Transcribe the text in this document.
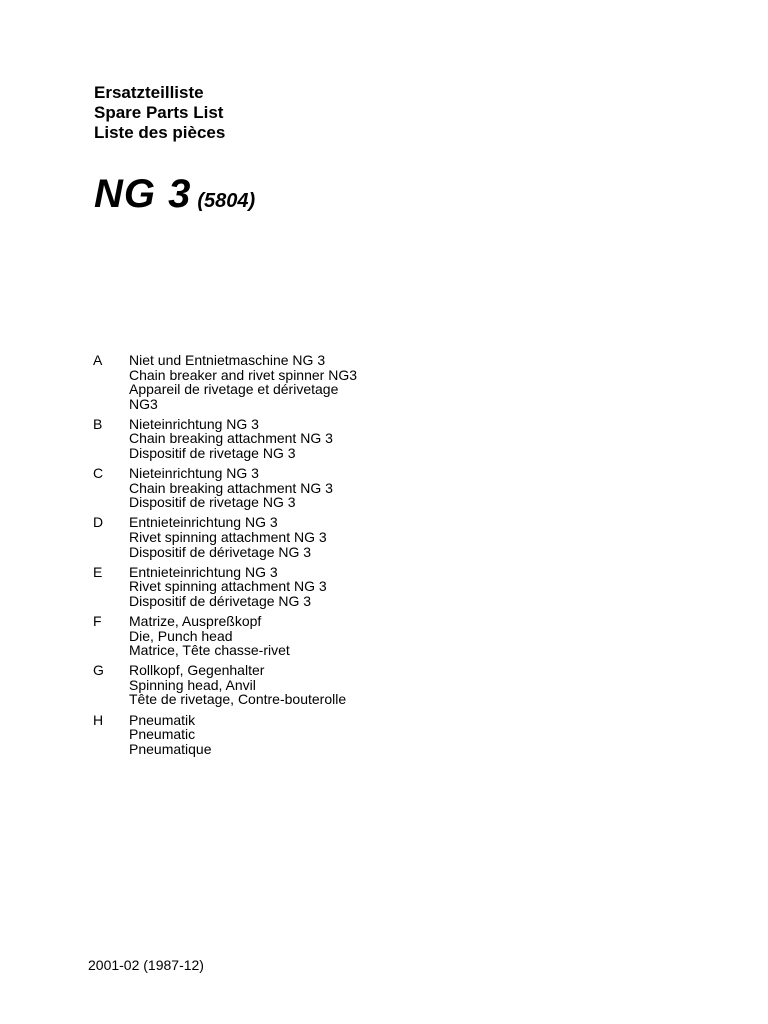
Ersatzteilliste
Spare Parts List
Liste des pièces
NG 3 (5804)
A	Niet und Entnietmaschine NG 3
Chain breaker and rivet spinner NG3
Appareil de rivetage et dérivetage NG3
B	Nieteinrichtung NG 3
Chain breaking attachment NG 3
Dispositif de rivetage NG 3
C	Nieteinrichtung NG 3
Chain breaking attachment NG 3
Dispositif de rivetage NG 3
D	Entnieteinrichtung NG 3
Rivet spinning attachment NG 3
Dispositif de dérivetage NG 3
E	Entnieteinrichtung NG 3
Rivet spinning attachment NG 3
Dispositif de dérivetage NG 3
F	Matrize, Auspreßkopf
Die, Punch head
Matrice, Tête chasse-rivet
G	Rollkopf, Gegenhalter
Spinning head, Anvil
Tête de rivetage, Contre-bouterolle
H	Pneumatik
Pneumatic
Pneumatique
2001-02 (1987-12)
